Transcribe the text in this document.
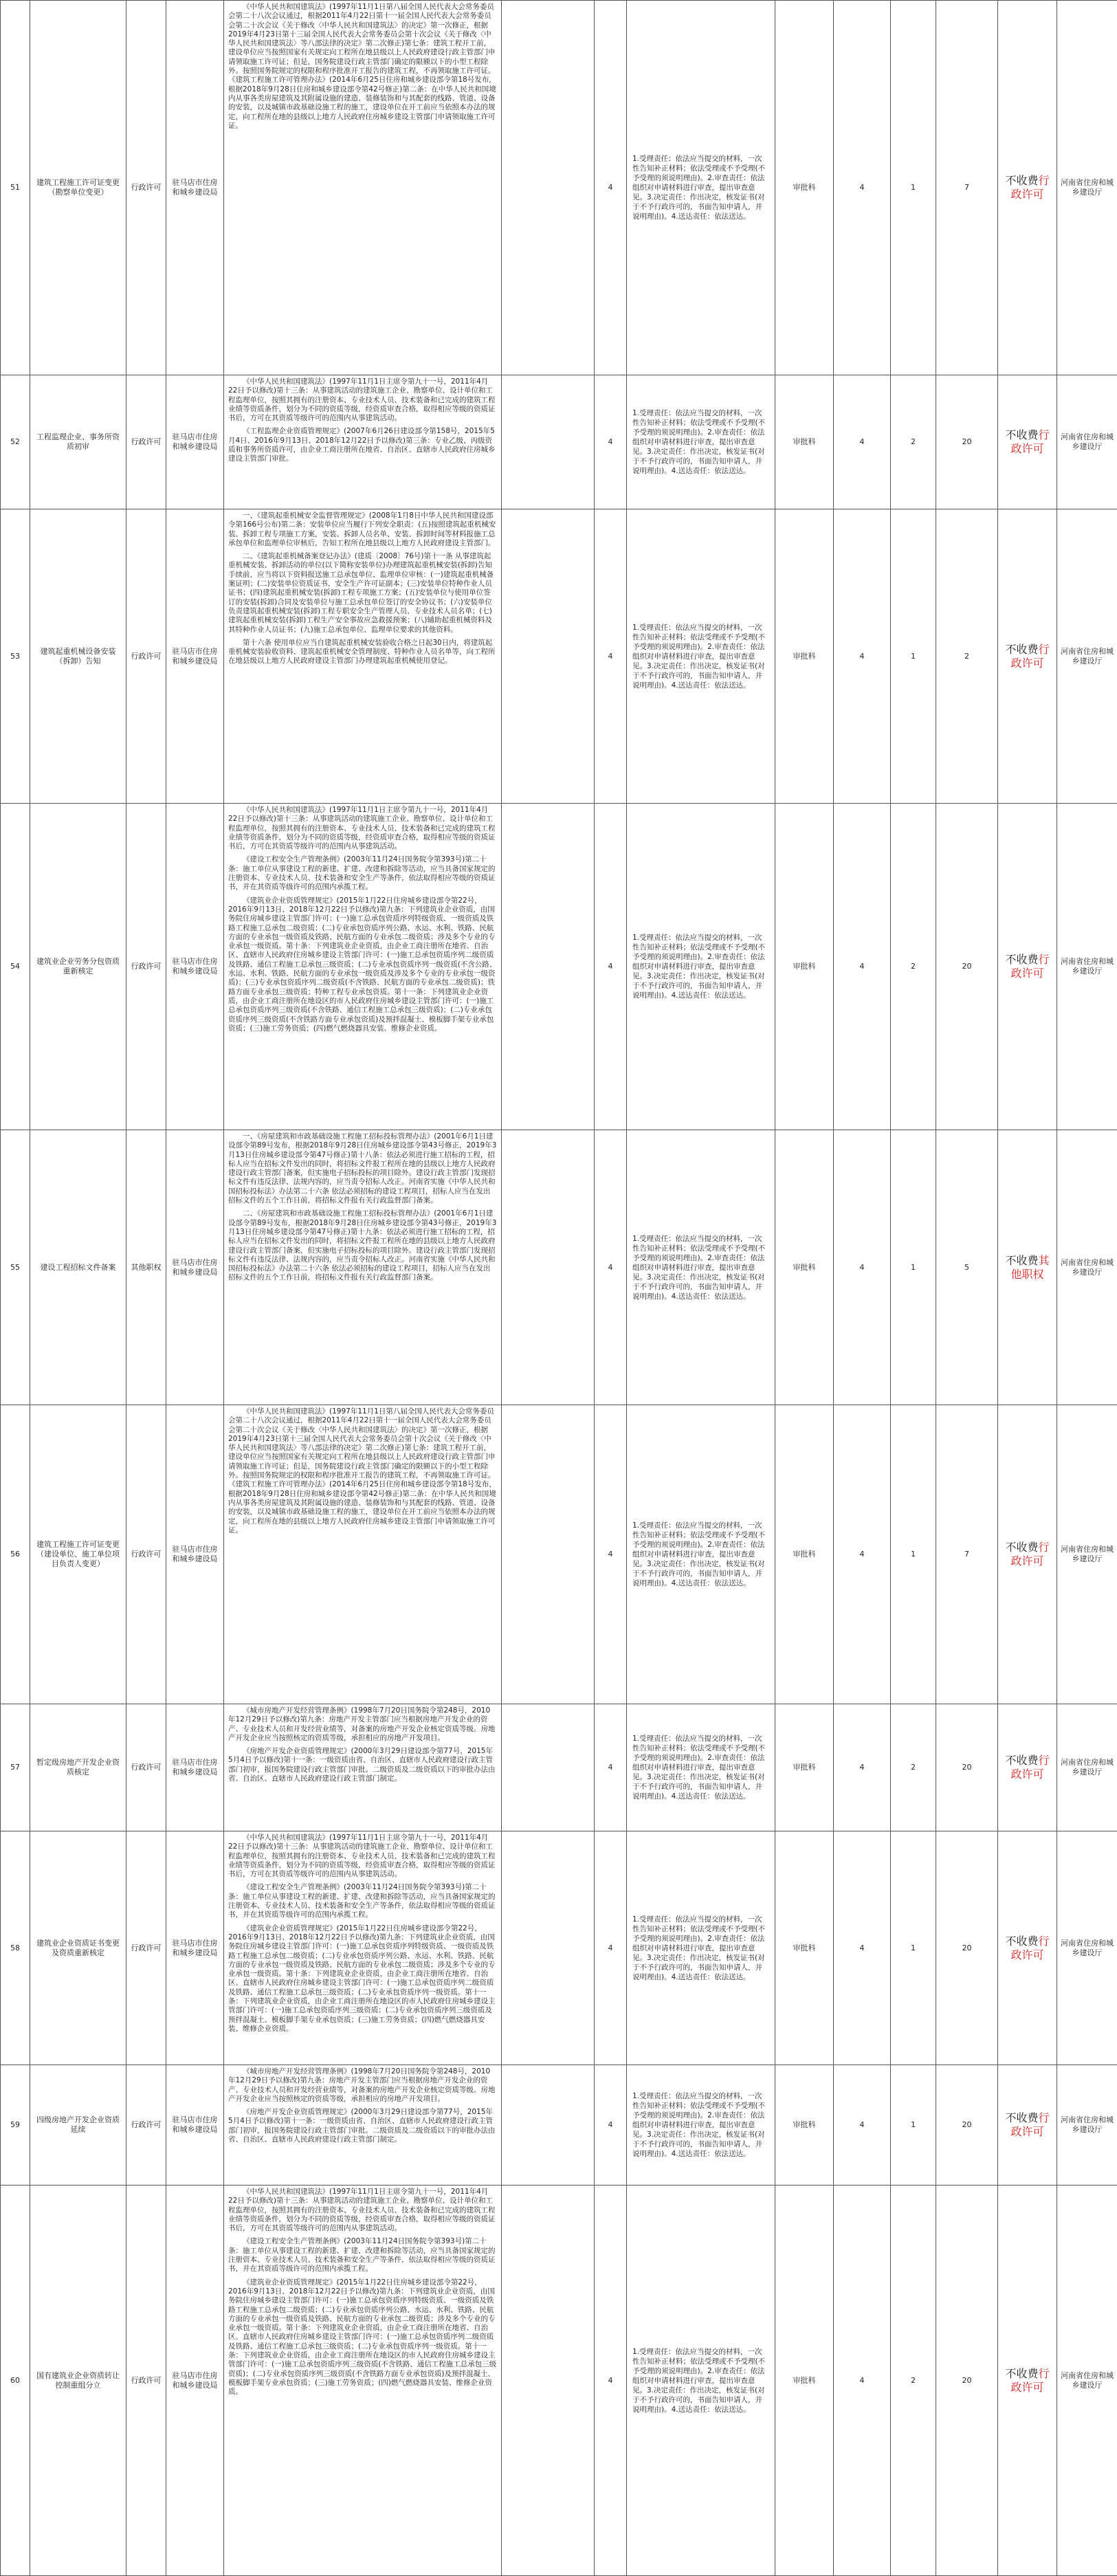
51	建筑工程施工许可证变更（勘察单位变更）	行政许可	驻马店市住房和城乡建设局	《中华人民共和国建筑法》(1997年11月1日第八届全国人民代表大会常务委员会第二十八次会议通过，根据2011年4月22日第十一届全国人民代表大会常务委员会第二十次会议《关于修改〈中华人民共和国建筑法〉的决定》第一次修正，根据2019年4月23日第十三届全国人民代表大会常务委员会第十次会议《关于修改〈中华人民共和国建筑法〉等八部法律的决定》第二次修正)第七条：建筑工程开工前，建设单位应当按照国家有关规定向工程所在地县级以上人民政府建设行政主管部门申请领取施工许可证；但是，国务院建设行政主管部门确定的限额以下的小型工程除外。按照国务院规定的权限和程序批准开工报告的建筑工程，不再领取施工许可证。《建筑工程施工许可管理办法》(2014年6月25日住房和城乡建设部令第18号发布，根据2018年9月28日住房和城乡建设部令第42号修正)第二条：在中华人民共和国境内从事各类房屋建筑及其附属设施的建造、装修装饰和与其配套的线路、管道、设备的安装，以及城镇市政基础设施工程的施工，建设单位在开工前应当依照本办法的规定，向工程所在地的县级以上地方人民政府住房城乡建设主管部门申请领取施工许可证。		4	1.受理责任：依法应当提交的材料，一次性告知补正材料；依法受理或不予受理(不予受理的须说明理由)。2.审查责任：依法组织对申请材料进行审查，提出审查意见。3.决定责任：作出决定，核发证书(对于不予行政许可的，书面告知申请人，并说明理由)。4.送达责任：依法送达。	审批科	4	1	7	不收费行政许可	河南省住房和城乡建设厅
52	工程监理企业、事务所资质初审	行政许可	驻马店市住房和城乡建设局	《中华人民共和国建筑法》(1997年11月1日主席令第九十一号，2011年4月22日予以修改)第十三条：从事建筑活动的建筑施工企业、勘察单位、设计单位和工程监理单位，按照其拥有的注册资本、专业技术人员、技术装备和已完成的建筑工程业绩等资质条件，划分为不同的资质等级，经资质审查合格，取得相应等级的资质证书后，方可在其资质等级许可的范围内从事建筑活动。

《工程监理企业资质管理规定》(2007年6月26日建设部令第158号，2015年5月4日、2016年9月13日、2018年12月22日予以修改)第三条：专业乙级、丙级资质和事务所资质许可，由企业工商注册所在地省、自治区、直辖市人民政府住房城乡建设主管部门审批。		4	1.受理责任：依法应当提交的材料，一次性告知补正材料；依法受理或不予受理(不予受理的须说明理由)。2.审查责任：依法组织对申请材料进行审查，提出审查意见。3.决定责任：作出决定，核发证书(对于不予行政许可的，书面告知申请人，并说明理由)。4.送达责任：依法送达。	审批科	4	2	20	不收费行政许可	河南省住房和城乡建设厅
53	建筑起重机械设备安装（拆卸）告知	行政许可	驻马店市住房和城乡建设局	一、《建筑起重机械安全监督管理规定》(2008年1月8日中华人民共和国建设部令第166号公布)第二条：安装单位应当履行下列安全职责：(五)按照建筑起重机械安装、拆卸工程专项施工方案，安装、拆卸人员名单、安装、拆卸时间等材料报施工总承包单位和监理单位审核后，告知工程所在地县级以上地方人民政府建设主管部门。

二、《建筑起重机械备案登记办法》(建质〔2008〕76号)第十一条 从事建筑起重机械安装、拆卸活动的单位(以下简称安装单位)办理建筑起重机械安装(拆卸)告知手续前，应当将以下资料报送施工总承包单位、监理单位审核：(一)建筑起重机械备案证明；(二)安装单位资质证书、安全生产许可证副本；(三)安装单位特种作业人员证书；(四)建筑起重机械安装(拆卸)工程专项施工方案；(五)安装单位与使用单位签订的安装(拆卸)合同及安装单位与施工总承包单位签订的安全协议书；(六)安装单位负责建筑起重机械安装(拆卸)工程专职安全生产管理人员、专业技术人员名单；(七)建筑起重机械安装(拆卸)工程生产安全事故应急救援预案；(八)辅助起重机械资料及其特种作业人员证书；(九)施工总承包单位、监理单位要求的其他资料。

第十六条 使用单位应当自建筑起重机械安装验收合格之日起30日内，将建筑起重机械安装验收资料、建筑起重机械安全管理制度、特种作业人员名单等，向工程所在地县级以上地方人民政府建设主管部门办理建筑起重机械使用登记。		4	1.受理责任：依法应当提交的材料，一次性告知补正材料；依法受理或不予受理(不予受理的须说明理由)。2.审查责任：依法组织对申请材料进行审查，提出审查意见。3.决定责任：作出决定，核发证书(对于不予行政许可的，书面告知申请人，并说明理由)。4.送达责任：依法送达。	审批科	4	1	2	不收费行政许可	河南省住房和城乡建设厅
54	建筑业企业劳务分包资质重新核定	行政许可	驻马店市住房和城乡建设局	《中华人民共和国建筑法》(1997年11月1日主席令第九十一号，2011年4月22日予以修改)第十三条：从事建筑活动的建筑施工企业、勘察单位、设计单位和工程监理单位，按照其拥有的注册资本、专业技术人员、技术装备和已完成的建筑工程业绩等资质条件，划分为不同的资质等级，经资质审查合格，取得相应等级的资质证书后，方可在其资质等级许可的范围内从事建筑活动。

《建设工程安全生产管理条例》(2003年11月24日国务院令第393号)第二十条：施工单位从事建设工程的新建、扩建、改建和拆除等活动，应当具备国家规定的注册资本、专业技术人员、技术装备和安全生产等条件，依法取得相应等级的资质证书，并在其资质等级许可的范围内承揽工程。

《建筑业企业资质管理规定》(2015年1月22日住房城乡建设部令第22号，2016年9月13日、2018年12月22日予以修改)第九条：下列建筑业企业资质，由国务院住房城乡建设主管部门许可：(一)施工总承包资质序列特级资质、一级资质及铁路工程施工总承包二级资质；(二)专业承包资质序列公路、水运、水利、铁路、民航方面的专业承包一级资质及铁路、民航方面的专业承包二级资质；涉及多个专业的专业承包一级资质。第十条：下列建筑业企业资质，由企业工商注册所在地省、自治区、直辖市人民政府住房城乡建设主管部门许可：(一)施工总承包资质序列二级资质及铁路、通信工程施工总承包三级资质；(二)专业承包资质序列一级资质(不含公路、水运、水利、铁路、民航方面的专业承包一级资质及涉及多个专业的专业承包一级资质)；(三)专业承包资质序列二级资质(不含铁路、民航方面的专业承包二级资质)；铁路方面专业承包三级资质；特种工程专业承包资质。第十一条：下列建筑业企业资质，由企业工商注册所在地设区的市人民政府住房城乡建设主管部门许可：(一)施工总承包资质序列三级资质(不含铁路、通信工程施工总承包三级资质)；(二)专业承包资质序列三级资质(不含铁路方面专业承包资质)及预拌混凝土、模板脚手架专业承包资质；(三)施工劳务资质；(四)燃气燃烧器具安装、维修企业资质。		4	1.受理责任：依法应当提交的材料，一次性告知补正材料；依法受理或不予受理(不予受理的须说明理由)。2.审查责任：依法组织对申请材料进行审查，提出审查意见。3.决定责任：作出决定，核发证书(对于不予行政许可的，书面告知申请人，并说明理由)。4.送达责任：依法送达。	审批科	4	2	20	不收费行政许可	河南省住房和城乡建设厅
55	建设工程招标文件备案	其他职权	驻马店市住房和城乡建设局	一、《房屋建筑和市政基础设施工程施工招标投标管理办法》(2001年6月1日建设部令第89号发布，根据2018年9月28日住房城乡建设部令第43号修正，2019年3月13日住房城乡建设部令第47号修正)第十八条：依法必须进行施工招标的工程，招标人应当在招标文件发出的同时，将招标文件报工程所在地的县级以上地方人民政府建设行政主管部门备案，但实施电子招标投标的项目除外。建设行政主管部门发现招标文件有违反法律、法规内容的，应当责令招标人改正。河南省实施《中华人民共和国招标投标法》办法第二十六条 依法必须招标的建设工程项目，招标人应当在发出招标文件的五个工作日前，将招标文件报有关行政监督部门备案。

二、《房屋建筑和市政基础设施工程施工招标投标管理办法》(2001年6月1日建设部令第89号发布，根据2018年9月28日住房城乡建设部令第43号修正，2019年3月13日住房城乡建设部令第47号修正)第十九条：依法必须进行施工招标的工程，招标人应当在招标文件发出的同时，将招标文件报工程所在地的县级以上地方人民政府建设行政主管部门备案，但实施电子招标投标的项目除外。建设行政主管部门发现招标文件有违反法律、法规内容的，应当责令招标人改正。河南省实施《中华人民共和国招标投标法》办法第二十六条 依法必须招标的建设工程项目，招标人应当在发出招标文件的五个工作日前，将招标文件报有关行政监督部门备案。		4	1.受理责任：依法应当提交的材料，一次性告知补正材料；依法受理或不予受理(不予受理的须说明理由)。2.审查责任：依法组织对申请材料进行审查，提出审查意见。3.决定责任：作出决定，核发证书(对于不予行政许可的，书面告知申请人，并说明理由)。4.送达责任：依法送达。	审批科	4	1	5	不收费其他职权	河南省住房和城乡建设厅
56	建筑工程施工许可证变更（建设单位、施工单位项目负责人变更）	行政许可	驻马店市住房和城乡建设局	《中华人民共和国建筑法》(1997年11月1日第八届全国人民代表大会常务委员会第二十八次会议通过，根据2011年4月22日第十一届全国人民代表大会常务委员会第二十次会议《关于修改〈中华人民共和国建筑法〉的决定》第一次修正，根据2019年4月23日第十三届全国人民代表大会常务委员会第十次会议《关于修改〈中华人民共和国建筑法〉等八部法律的决定》第二次修正)第七条：建筑工程开工前，建设单位应当按照国家有关规定向工程所在地县级以上人民政府建设行政主管部门申请领取施工许可证；但是，国务院建设行政主管部门确定的限额以下的小型工程除外。按照国务院规定的权限和程序批准开工报告的建筑工程，不再领取施工许可证。《建筑工程施工许可管理办法》(2014年6月25日住房和城乡建设部令第18号发布，根据2018年9月28日住房和城乡建设部令第42号修正)第二条：在中华人民共和国境内从事各类房屋建筑及其附属设施的建造、装修装饰和与其配套的线路、管道、设备的安装，以及城镇市政基础设施工程的施工，建设单位在开工前应当依照本办法的规定，向工程所在地的县级以上地方人民政府住房城乡建设主管部门申请领取施工许可证。		4	1.受理责任：依法应当提交的材料，一次性告知补正材料；依法受理或不予受理(不予受理的须说明理由)。2.审查责任：依法组织对申请材料进行审查，提出审查意见。3.决定责任：作出决定，核发证书(对于不予行政许可的，书面告知申请人，并说明理由)。4.送达责任：依法送达。	审批科	4	1	7	不收费行政许可	河南省住房和城乡建设厅
57	暂定级房地产开发企业资质核定	行政许可	驻马店市住房和城乡建设局	《城市房地产开发经营管理条例》(1998年7月20日国务院令第248号，2010年12月29日予以修改)第九条：房地产开发主管部门应当根据房地产开发企业的资产、专业技术人员和开发经营业绩等，对备案的房地产开发企业核定资质等级。房地产开发企业应当按照核定的资质等级，承担相应的房地产开发项目。

《房地产开发企业资质管理规定》(2000年3月29日建设部令第77号，2015年5月4日予以修改)第十一条：一级资质由省、自治区、直辖市人民政府建设行政主管部门初审，报国务院建设行政主管部门审批。二级资质及二级资质以下的审批办法由省、自治区、直辖市人民政府建设行政主管部门制定。		4	1.受理责任：依法应当提交的材料，一次性告知补正材料；依法受理或不予受理(不予受理的须说明理由)。2.审查责任：依法组织对申请材料进行审查，提出审查意见。3.决定责任：作出决定，核发证书(对于不予行政许可的，书面告知申请人，并说明理由)。4.送达责任：依法送达。	审批科	4	2	20	不收费行政许可	河南省住房和城乡建设厅
58	建筑业企业资质证书变更及资质重新核定	行政许可	驻马店市住房和城乡建设局	《中华人民共和国建筑法》(1997年11月1日主席令第九十一号，2011年4月22日予以修改)第十三条：从事建筑活动的建筑施工企业、勘察单位、设计单位和工程监理单位，按照其拥有的注册资本、专业技术人员、技术装备和已完成的建筑工程业绩等资质条件，划分为不同的资质等级，经资质审查合格，取得相应等级的资质证书后，方可在其资质等级许可的范围内从事建筑活动。

《建设工程安全生产管理条例》(2003年11月24日国务院令第393号)第二十条：施工单位从事建设工程的新建、扩建、改建和拆除等活动，应当具备国家规定的注册资本、专业技术人员、技术装备和安全生产等条件，依法取得相应等级的资质证书，并在其资质等级许可的范围内承揽工程。

《建筑业企业资质管理规定》(2015年1月22日住房城乡建设部令第22号，2016年9月13日、2018年12月22日予以修改)第九条：下列建筑业企业资质，由国务院住房城乡建设主管部门许可：(一)施工总承包资质序列特级资质、一级资质及铁路工程施工总承包二级资质；(二)专业承包资质序列公路、水运、水利、铁路、民航方面的专业承包一级资质及铁路、民航方面的专业承包二级资质；涉及多个专业的专业承包一级资质。第十条：下列建筑业企业资质，由企业工商注册所在地省、自治区、直辖市人民政府住房城乡建设主管部门许可：(一)施工总承包资质序列二级资质及铁路、通信工程施工总承包三级资质；(二)专业承包资质序列一级资质。第十一条：下列建筑业企业资质，由企业工商注册所在地设区的市人民政府住房城乡建设主管部门许可：(一)施工总承包资质序列三级资质；(二)专业承包资质序列三级资质及预拌混凝土、模板脚手架专业承包资质；(三)施工劳务资质；(四)燃气燃烧器具安装、维修企业资质。		4	1.受理责任：依法应当提交的材料，一次性告知补正材料；依法受理或不予受理(不予受理的须说明理由)。2.审查责任：依法组织对申请材料进行审查，提出审查意见。3.决定责任：作出决定，核发证书(对于不予行政许可的，书面告知申请人，并说明理由)。4.送达责任：依法送达。	审批科	4	1	20	不收费行政许可	河南省住房和城乡建设厅
59	四级房地产开发企业资质延续	行政许可	驻马店市住房和城乡建设局	《城市房地产开发经营管理条例》(1998年7月20日国务院令第248号，2010年12月29日予以修改)第九条：房地产开发主管部门应当根据房地产开发企业的资产、专业技术人员和开发经营业绩等，对备案的房地产开发企业核定资质等级。房地产开发企业应当按照核定的资质等级，承担相应的房地产开发项目。

《房地产开发企业资质管理规定》(2000年3月29日建设部令第77号，2015年5月4日予以修改)第十一条：一级资质由省、自治区、直辖市人民政府建设行政主管部门初审，报国务院建设行政主管部门审批。二级资质及二级资质以下的审批办法由省、自治区、直辖市人民政府建设行政主管部门制定。		4	1.受理责任：依法应当提交的材料，一次性告知补正材料；依法受理或不予受理(不予受理的须说明理由)。2.审查责任：依法组织对申请材料进行审查，提出审查意见。3.决定责任：作出决定，核发证书(对于不予行政许可的，书面告知申请人，并说明理由)。4.送达责任：依法送达。	审批科	4	1	20	不收费行政许可	河南省住房和城乡建设厅
60	国有建筑业企业资质转让控制重组分立	行政许可	驻马店市住房和城乡建设局	《中华人民共和国建筑法》(1997年11月1日主席令第九十一号，2011年4月22日予以修改)第十三条：从事建筑活动的建筑施工企业、勘察单位、设计单位和工程监理单位，按照其拥有的注册资本、专业技术人员、技术装备和已完成的建筑工程业绩等资质条件，划分为不同的资质等级，经资质审查合格，取得相应等级的资质证书后，方可在其资质等级许可的范围内从事建筑活动。

《建设工程安全生产管理条例》(2003年11月24日国务院令第393号)第二十条：施工单位从事建设工程的新建、扩建、改建和拆除等活动，应当具备国家规定的注册资本、专业技术人员、技术装备和安全生产等条件，依法取得相应等级的资质证书，并在其资质等级许可的范围内承揽工程。

《建筑业企业资质管理规定》(2015年1月22日住房城乡建设部令第22号，2016年9月13日、2018年12月22日予以修改)第九条：下列建筑业企业资质，由国务院住房城乡建设主管部门许可：(一)施工总承包资质序列特级资质、一级资质及铁路工程施工总承包二级资质；(二)专业承包资质序列公路、水运、水利、铁路、民航方面的专业承包一级资质及铁路、民航方面的专业承包二级资质；涉及多个专业的专业承包一级资质。第十条：下列建筑业企业资质，由企业工商注册所在地省、自治区、直辖市人民政府住房城乡建设主管部门许可：(一)施工总承包资质序列二级资质及铁路、通信工程施工总承包三级资质；(二)专业承包资质序列一级资质。第十一条：下列建筑业企业资质，由企业工商注册所在地设区的市人民政府住房城乡建设主管部门许可：(一)施工总承包资质序列三级资质(不含铁路、通信工程施工总承包三级资质)；(二)专业承包资质序列三级资质(不含铁路方面专业承包资质)及预拌混凝土、模板脚手架专业承包资质；(三)施工劳务资质；(四)燃气燃烧器具安装、维修企业资质。		4	1.受理责任：依法应当提交的材料，一次性告知补正材料；依法受理或不予受理(不予受理的须说明理由)。2.审查责任：依法组织对申请材料进行审查，提出审查意见。3.决定责任：作出决定，核发证书(对于不予行政许可的，书面告知申请人，并说明理由)。4.送达责任：依法送达。	审批科	4	2	20	不收费行政许可	河南省住房和城乡建设厅
